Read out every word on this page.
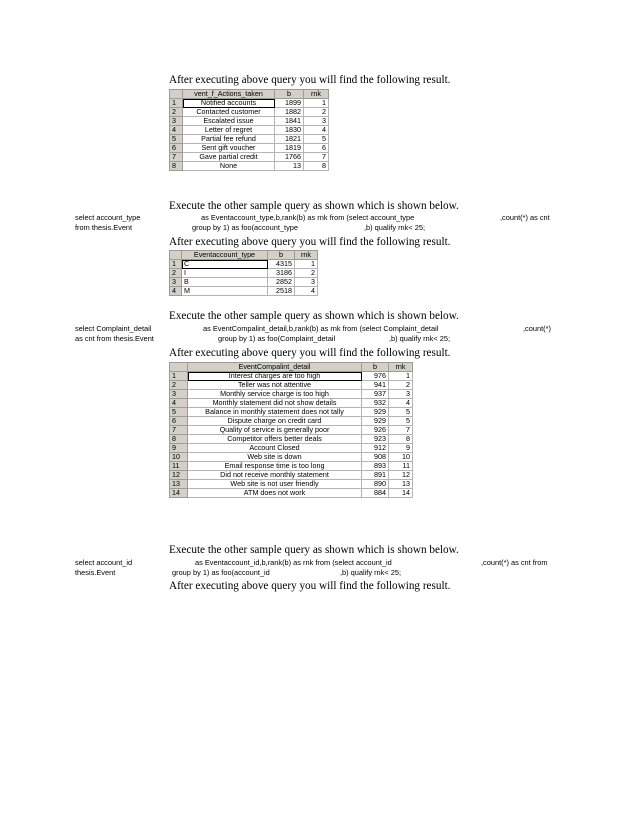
After executing above query you will find the following result.
	vent_f_Actions_taken	b	rnk
1	Notified accounts	1899	1
2	Contacted customer	1882	2
3	Escalated issue	1841	3
4	Letter of regret	1830	4
5	Partial fee refund	1821	5
6	Sent gift voucher	1819	6
7	Gave partial credit	1766	7
8	None	13	8
Execute the other sample query as shown which is shown below.
select account_type	as Eventaccount_type,b,rank(b) as rnk from (select account_type	,count(*) as cnt
from thesis.Event	group by 1) as foo(account_type	,b) qualify rnk< 25;
After executing above query you will find the following result.
	Eventaccount_type	b	rnk
1	C	4315	1
2	I	3186	2
3	B	2852	3
4	M	2518	4
Execute the other sample query as shown which is shown below.
select Complaint_detail	as EventCompalint_detail,b,rank(b) as rnk from (select Complaint_detail	,count(*)
as cnt from thesis.Event	group by 1) as foo(Complaint_detail	,b) qualify rnk< 25;
After executing above query you will find the following result.
	EventCompalint_detail	b	rnk
1	Interest charges are too high	976	1
2	Teller was not attentive	941	2
3	Monthly service charge is too high	937	3
4	Monthly statement did not show details	932	4
5	Balance in monthly statement does not tally	929	5
6	Dispute charge on credit card	929	5
7	Quality of service is generally poor	926	7
8	Competitor offers better deals	923	8
9	Account Closed	912	9
10	Web site is down	908	10
11	Email response time is too long	893	11
12	Did not receive monthly statement	891	12
13	Web site is not user friendly	890	13
14	ATM does not work	884	14
Execute the other sample query as shown which is shown below.
select account_id	as Eventaccount_id,b,rank(b) as rnk from (select account_id	,count(*) as cnt from
thesis.Event	group by 1) as foo(account_id	,b) qualify rnk< 25;
After executing above query you will find the following result.
